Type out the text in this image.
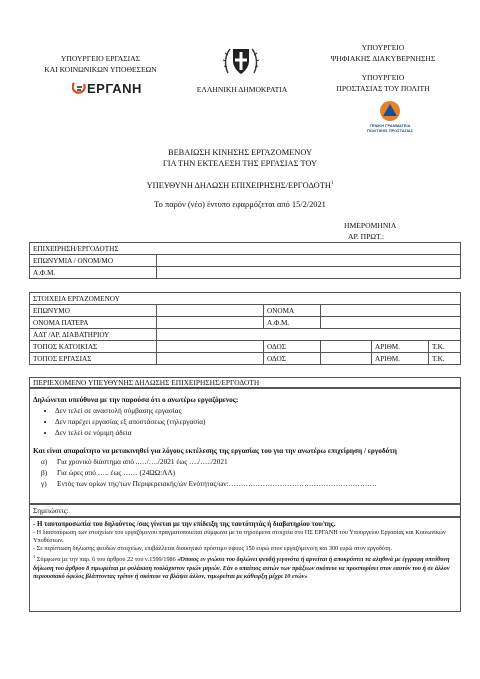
ΥΠΟΥΡΓΕΙΟ ΕΡΓΑΣΙΑΣ
ΚΑΙ ΚΟΙΝΩΝΙΚΩΝ ΥΠΟΘΕΣΕΩΝ
ΕΡΓΑΝΗ	ΕΛΛΗΝΙΚΗ ΔΗΜΟΚΡΑΤΙΑ
ΥΠΟΥΡΓΕΙΟ
ΨΗΦΙΑΚΗΣ ΔΙΑΚΥΒΕΡΝΗΣΗΣ
ΥΠΟΥΡΓΕΙΟ
ΠΡΟΣΤΑΣΙΑΣ ΤΟΥ ΠΟΛΙΤΗ
ΓΕΝΙΚΗ ΓΡΑΜΜΑΤΕΙΑ
ΠΟΛΙΤΙΚΗΣ ΠΡΟΣΤΑΣΙΑΣ
ΒΕΒΑΙΩΣΗ ΚΙΝΗΣΗΣ ΕΡΓΑΖΟΜΕΝΟΥ
ΓΙΑ ΤΗΝ ΕΚΤΕΛΕΣΗ ΤΗΣ ΕΡΓΑΣΙΑΣ ΤΟΥ
ΥΠΕΥΘΥΝΗ ΔΗΛΩΣΗ ΕΠΙΧΕΙΡΗΣΗΣ/ΕΡΓΟΔΟΤΗ$^1$
Το παρόν (νέο) έντυπο εφαρμόζεται από 15/2/2021
ΗΜΕΡΟΜΗΝΙΑ
ΑΡ. ΠΡΩΤ.:
ΕΠΙΧΕΙΡΗΣΗ/ΕΡΓΟΔΟΤΗΣ	
ΕΠΩΝΥΜΙΑ / ΟΝΟΜ/ΜΟ	
Α.Φ.Μ.	
ΣΤΟΙΧΕΙΑ ΕΡΓΑΖΟΜΕΝΟΥ					
ΕΠΩΝΥΜΟ		ΟΝΟΜΑ			
ΟΝΟΜΑ ΠΑΤΕΡΑ		Α.Φ.Μ.			
ΑΔΤ /ΑΡ. ΔΙΑΒΑΤΗΡΙΟΥ					
ΤΟΠΟΣ ΚΑΤΟΙΚΙΑΣ		ΟΔΟΣ		ΑΡΙΘΜ.	Τ.Κ.
ΤΟΠΟΣ ΕΡΓΑΣΙΑΣ		ΟΔΟΣ		ΑΡΙΘΜ.	Τ.Κ.
ΠΕΡΙΕΧΟΜΕΝΟ ΥΠΕΥΘΥΝΗΣ ΔΗΛΩΣΗΣ ΕΠΙΧΕΙΡΗΣΗΣ/ΕΡΓΟΔΟΤΗ
Δηλώνεται υπεύθυνα με την παρούσα ότι ο ανωτέρω εργαζόμενος:
• Δεν τελεί σε αναστολή σύμβασης εργασίας
• Δεν παρέχει εργασίας εξ αποστάσεως (τηλεργασία)
• Δεν τελεί σε νόμιμη άδεια
Και είναι απαραίτητο να μετακινηθεί για λόγους εκτέλεσης της εργασίας του για την ανωτέρω επιχείρηση / εργοδότη
α) Για χρονικό διάστημα από ..…/…./2021 έως …./…../2021
β) Για ώρες από ….. έως …… (24ΩΩ:ΛΛ)
γ) Εντός των ορίων της/των Περιφερειακής/ών Ενότητας/ων:…………………………………………………….
Σημειώσεις:
- Η ταυτοπροσωπία του δηλούντος /σας γίνεται με την επίδειξη της ταυτότητάς ή διαβατηρίου του/της.
- Η διασταύρωση των στοιχείων του εργαζόμενου πραγματοποιείται σύμφωνα με τα τηρούμενα στοιχεία στο ΠΣ ΕΡΓΑΝΗ του Υπουργείου Εργασίας και Κοινωνικών Υποθέσεων.
- Σε περίπτωση δήλωσης ψευδών στοιχείων, επιβάλλεται διοικητικό πρόστιμο ύψους 150 ευρώ στον εργαζόμενο/η και 300 ευρώ στον εργοδότη.
$^1$ Σύμφωνα με την παρ. 6 του άρθρου 22 του ν.1599/1986 «Όποιος εν γνώσει του δηλώνει ψευδή γεγονότα ή αρνείται ή αποκρύπτει τα αληθινά με έγγραφη υπεύθυνη δήλωση του άρθρου 8 τιμωρείται με φυλάκιση τουλάχιστον τριών μηνών. Εάν ο υπαίτιος αυτών των πράξεων σκόπευε να προσπορίσει στον εαυτόν του ή σε άλλον περιουσιακό όφελος βλάπτοντας τρίτον ή σκόπευε να βλάψει άλλον, τιμωρείται με κάθειρξη μέχρι 10 ετών»
